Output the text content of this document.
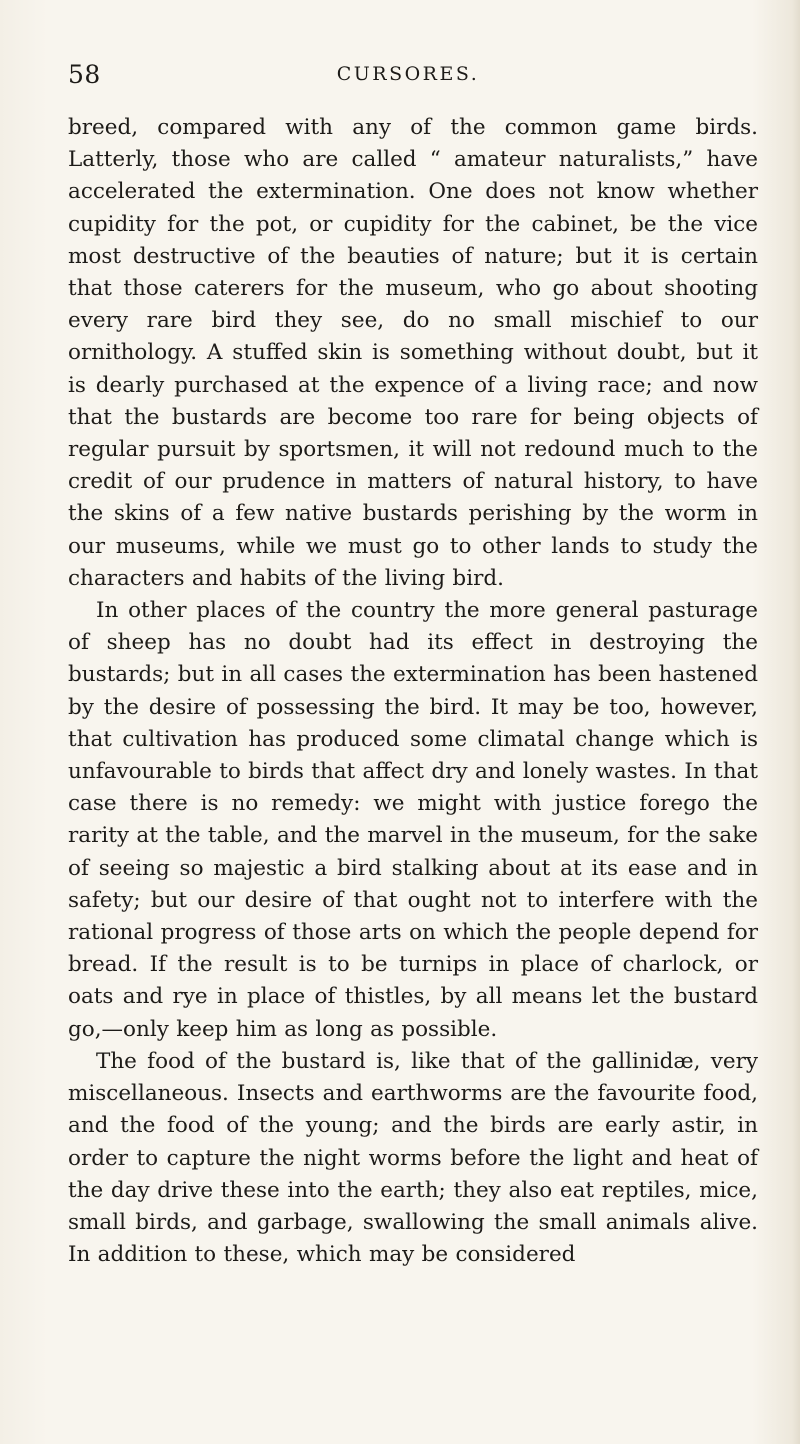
58	CURSORES.

breed, compared with any of the common game birds. Latterly, those who are called “ amateur naturalists,” have accelerated the extermination. One does not know whether cupidity for the pot, or cupidity for the cabinet, be the vice most destructive of the beauties of nature; but it is certain that those caterers for the museum, who go about shooting every rare bird they see, do no small mischief to our ornithology. A stuffed skin is something without doubt, but it is dearly purchased at the expence of a living race; and now that the bustards are become too rare for being objects of regular pursuit by sportsmen, it will not redound much to the credit of our prudence in matters of natural history, to have the skins of a few native bustards perishing by the worm in our museums, while we must go to other lands to study the characters and habits of the living bird.

In other places of the country the more general pasturage of sheep has no doubt had its effect in destroying the bustards; but in all cases the extermination has been hastened by the desire of possessing the bird. It may be too, however, that cultivation has produced some climatal change which is unfavourable to birds that affect dry and lonely wastes. In that case there is no remedy: we might with justice forego the rarity at the table, and the marvel in the museum, for the sake of seeing so majestic a bird stalking about at its ease and in safety; but our desire of that ought not to interfere with the rational progress of those arts on which the people depend for bread. If the result is to be turnips in place of charlock, or oats and rye in place of thistles, by all means let the bustard go,—only keep him as long as possible.

The food of the bustard is, like that of the gallinidæ, very miscellaneous. Insects and earthworms are the favourite food, and the food of the young; and the birds are early astir, in order to capture the night worms before the light and heat of the day drive these into the earth; they also eat reptiles, mice, small birds, and garbage, swallowing the small animals alive. In addition to these, which may be considered
